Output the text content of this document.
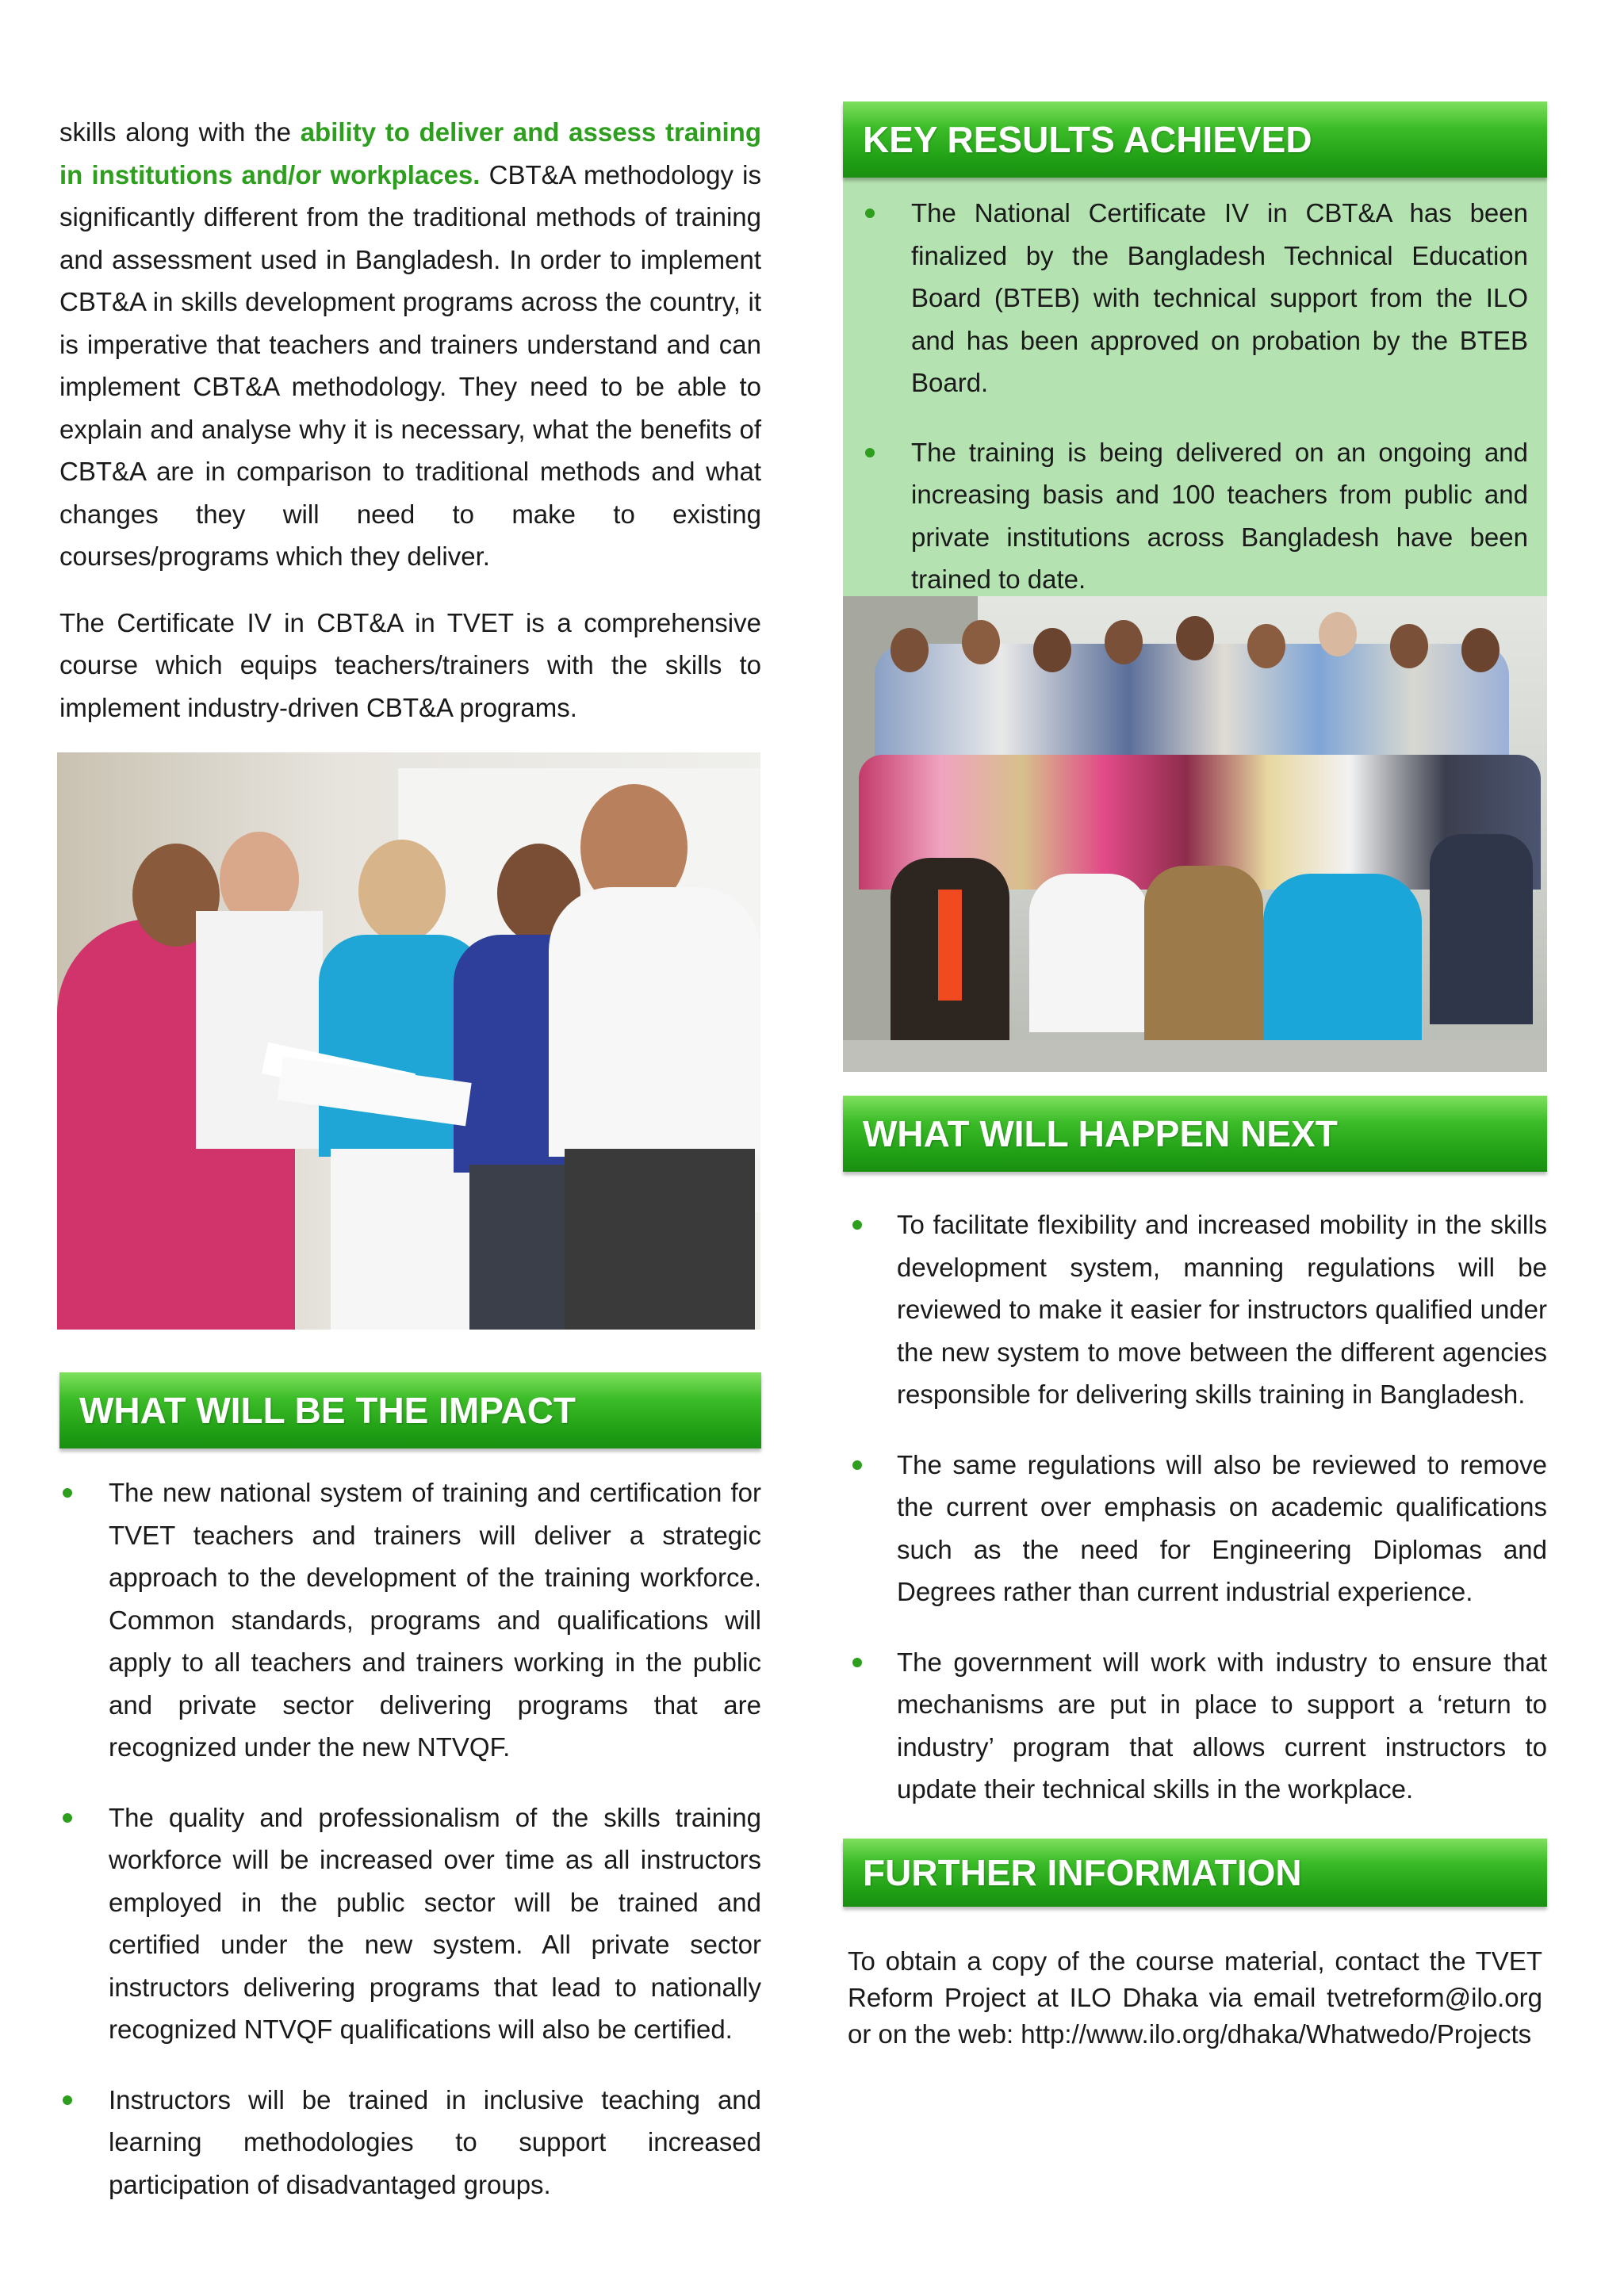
skills along with the ability to deliver and assess training in institutions and/or workplaces. CBT&A methodology is significantly different from the traditional methods of training and assessment used in Bangladesh. In order to implement CBT&A in skills development programs across the country, it is imperative that teachers and trainers understand and can implement CBT&A methodology. They need to be able to explain and analyse why it is necessary, what the benefits of CBT&A are in comparison to traditional methods and what changes they will need to make to existing courses/programs which they deliver.

The Certificate IV in CBT&A in TVET is a comprehensive course which equips teachers/trainers with the skills to implement industry-driven CBT&A programs.

WHAT WILL BE THE IMPACT
The new national system of training and certification for TVET teachers and trainers will deliver a strategic approach to the development of the training workforce. Common standards, programs and qualifications will apply to all teachers and trainers working in the public and private sector delivering programs that are recognized under the new NTVQF.
The quality and professionalism of the skills training workforce will be increased over time as all instructors employed in the public sector will be trained and certified under the new system. All private sector instructors delivering programs that lead to nationally recognized NTVQF qualifications will also be certified.
Instructors will be trained in inclusive teaching and learning methodologies to support increased participation of disadvantaged groups.
KEY RESULTS ACHIEVED
The National Certificate IV in CBT&A has been finalized by the Bangladesh Technical Education Board (BTEB) with technical support from the ILO and has been approved on probation by the BTEB Board.
The training is being delivered on an ongoing and increasing basis and 100 teachers from public and private institutions across Bangladesh have been trained to date.
WHAT WILL HAPPEN NEXT
To facilitate flexibility and increased mobility in the skills development system, manning regulations will be reviewed to make it easier for instructors qualified under the new system to move between the different agencies responsible for delivering skills training in Bangladesh.
The same regulations will also be reviewed to remove the current over emphasis on academic qualifications such as the need for Engineering Diplomas and Degrees rather than current industrial experience.
The government will work with industry to ensure that mechanisms are put in place to support a ‘return to industry’ program that allows current instructors to update their technical skills in the workplace.
FURTHER INFORMATION

To obtain a copy of the course material, contact the TVET Reform Project at ILO Dhaka via email tvetreform@ilo.org or on the web: http://www.ilo.org/dhaka/Whatwedo/Projects
